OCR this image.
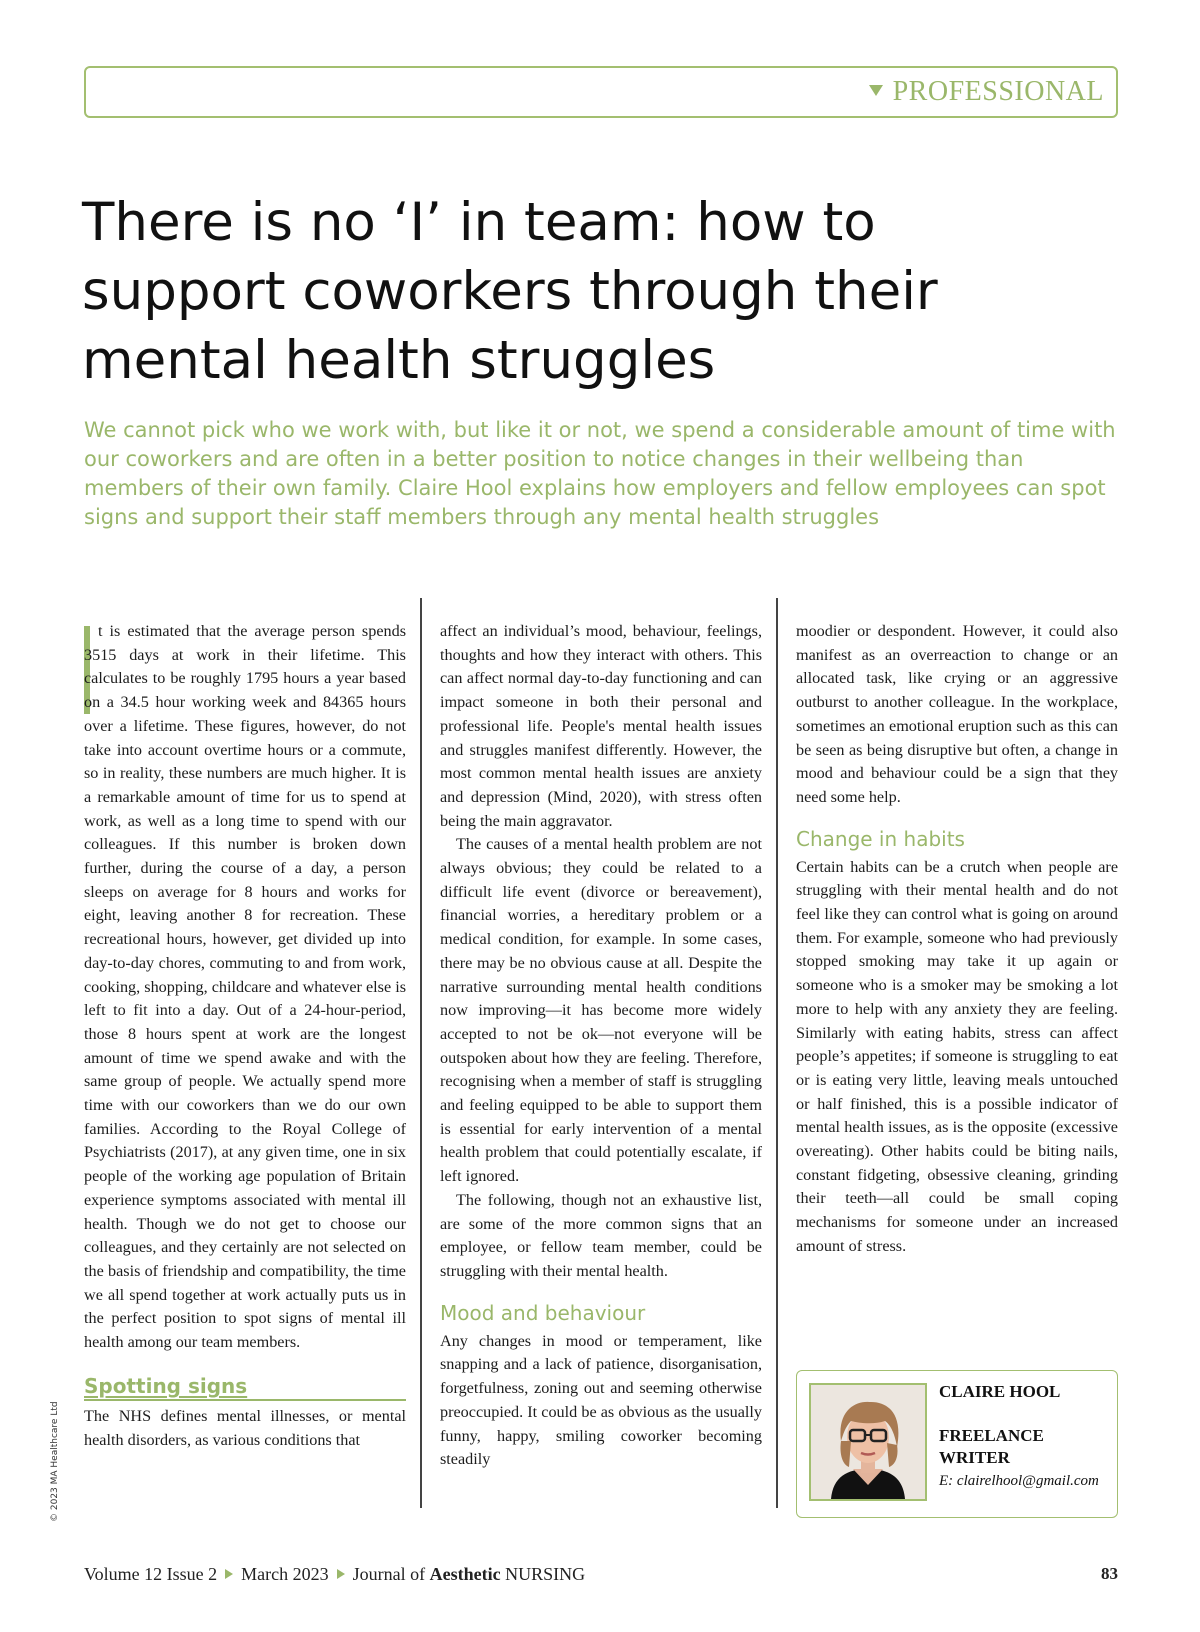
PROFESSIONAL
There is no ‘I’ in team: how to support coworkers through their mental health struggles

We cannot pick who we work with, but like it or not, we spend a considerable amount of time with our coworkers and are often in a better position to notice changes in their wellbeing than members of their own family. Claire Hool explains how employers and fellow employees can spot signs and support their staff members through any mental health struggles

© 2023 MA Healthcare Ltd

t is estimated that the average person spends 3515 days at work in their lifetime. This calculates to be roughly 1795 hours a year based on a 34.5 hour working week and 84365 hours over a lifetime. These figures, however, do not take into account overtime hours or a commute, so in reality, these numbers are much higher. It is a remarkable amount of time for us to spend at work, as well as a long time to spend with our colleagues. If this number is broken down further, during the course of a day, a person sleeps on average for 8 hours and works for eight, leaving another 8 for recreation. These recreational hours, however, get divided up into day-to-day chores, commuting to and from work, cooking, shopping, childcare and whatever else is left to fit into a day. Out of a 24-hour-period, those 8 hours spent at work are the longest amount of time we spend awake and with the same group of people. We actually spend more time with our coworkers than we do our own families. According to the Royal College of Psychiatrists (2017), at any given time, one in six people of the working age population of Britain experience symptoms associated with mental ill health. Though we do not get to choose our colleagues, and they certainly are not selected on the basis of friendship and compatibility, the time we all spend together at work actually puts us in the perfect position to spot signs of mental ill health among our team members.

Spotting signs

The NHS defines mental illnesses, or mental health disorders, as various conditions that

affect an individual’s mood, behaviour, feelings, thoughts and how they interact with others. This can affect normal day-to-day functioning and can impact someone in both their personal and professional life. People's mental health issues and struggles manifest differently. However, the most common mental health issues are anxiety and depression (Mind, 2020), with stress often being the main aggravator.

The causes of a mental health problem are not always obvious; they could be related to a difficult life event (divorce or bereavement), financial worries, a hereditary problem or a medical condition, for example. In some cases, there may be no obvious cause at all. Despite the narrative surrounding mental health conditions now improving—it has become more widely accepted to not be ok—not everyone will be outspoken about how they are feeling. Therefore, recognising when a member of staff is struggling and feeling equipped to be able to support them is essential for early intervention of a mental health problem that could potentially escalate, if left ignored.

The following, though not an exhaustive list, are some of the more common signs that an employee, or fellow team member, could be struggling with their mental health.

Mood and behaviour

Any changes in mood or temperament, like snapping and a lack of patience, disorganisation, forgetfulness, zoning out and seeming otherwise preoccupied. It could be as obvious as the usually funny, happy, smiling coworker becoming steadily

moodier or despondent. However, it could also manifest as an overreaction to change or an allocated task, like crying or an aggressive outburst to another colleague. In the workplace, sometimes an emotional eruption such as this can be seen as being disruptive but often, a change in mood and behaviour could be a sign that they need some help.

Change in habits

Certain habits can be a crutch when people are struggling with their mental health and do not feel like they can control what is going on around them. For example, someone who had previously stopped smoking may take it up again or someone who is a smoker may be smoking a lot more to help with any anxiety they are feeling. Similarly with eating habits, stress can affect people’s appetites; if someone is struggling to eat or is eating very little, leaving meals untouched or half finished, this is a possible indicator of mental health issues, as is the opposite (excessive overeating). Other habits could be biting nails, constant fidgeting, obsessive cleaning, grinding their teeth—all could be small coping mechanisms for someone under an increased amount of stress.

CLAIRE HOOL
FREELANCE WRITER
E: clairelhool@gmail.com
Volume 12 Issue 2 March 2023 Journal of Aesthetic NURSING	83
